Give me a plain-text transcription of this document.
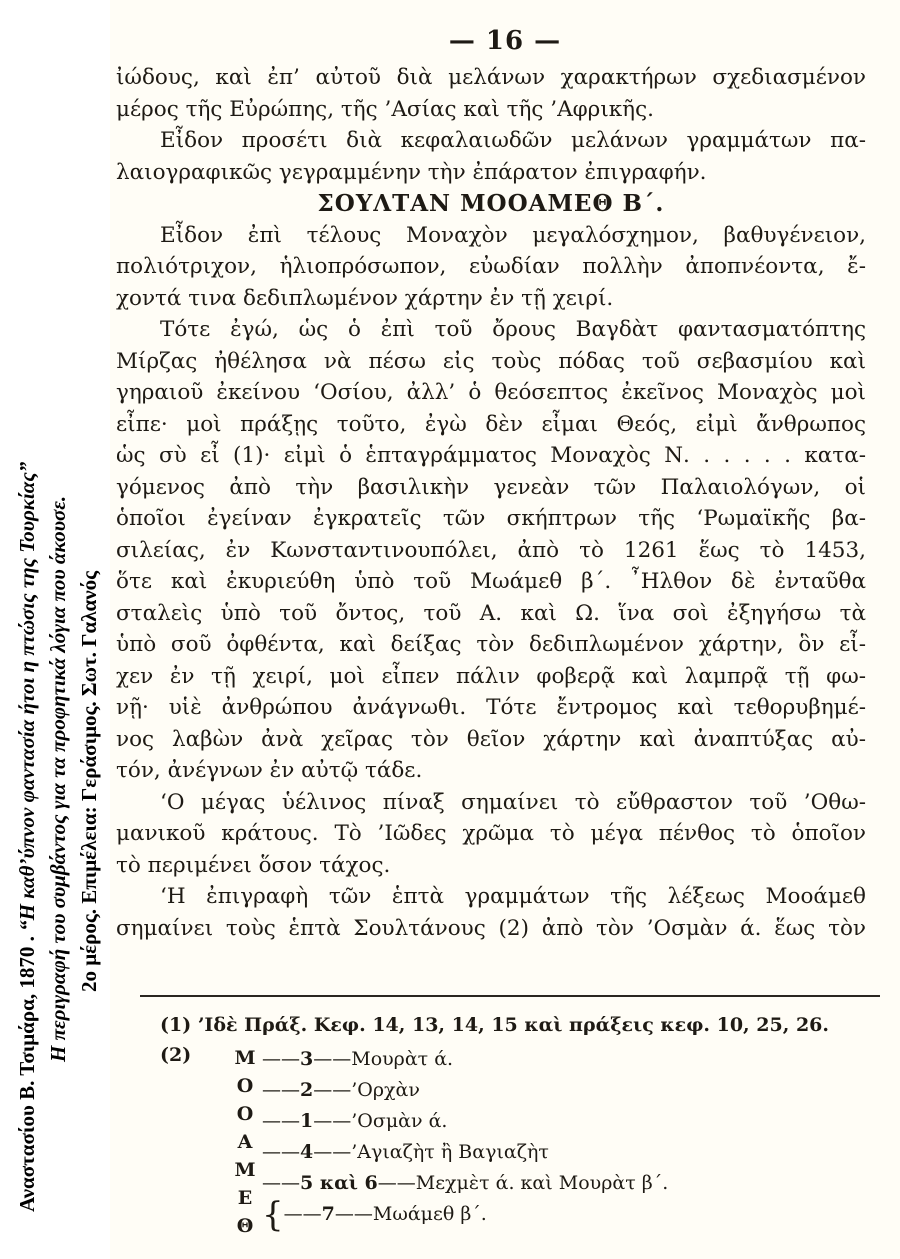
Αναστασίου Β. Τσιμάρα, 1870 . “Η καθ’ύπνον φαντασία ήτοι η πτώσις της Τουρκίας” Η περιγραφή του συμβάντος για τα προφητικά λόγια που άκουσε. 2ο μέρος. Επιμέλεια: Γεράσιμος. Σωτ. Γαλανός
— 16 —
ἰώδους, καὶ ἐπ’ αὐτοῦ διὰ μελάνων χαρακτήρων σχεδιασμένον
μέρος τῆς Εὐρώπης, τῆς ’Ασίας καὶ τῆς ’Αφρικῆς.
Εἶδον προσέτι διὰ κεφαλαιωδῶν μελάνων γραμμάτων πα-
λαιογραφικῶς γεγραμμένην τὴν ἐπάρατον ἐπιγραφήν.
ΣΟΥΛΤΑΝ ΜΟΟΑΜΕΘ Β΄.
Εἶδον ἐπὶ τέλους Μοναχὸν μεγαλόσχημον, βαθυγένειον,
πολιότριχον, ἡλιοπρόσωπον, εὐωδίαν πολλὴν ἀποπνέοντα, ἔ-
χοντά τινα δεδιπλωμένον χάρτην ἐν τῇ χειρί.
Τότε ἐγώ, ὡς ὁ ἐπὶ τοῦ ὄρους Βαγδὰτ φαντασματόπτης
Μίρζας ἠθέλησα νὰ πέσω εἰς τοὺς πόδας τοῦ σεβασμίου καὶ
γηραιοῦ ἐκείνου ‘Οσίου, ἀλλ’ ὁ θεόσεπτος ἐκεῖνος Μοναχὸς μοὶ
εἶπε· μοὶ πράξῃς τοῦτο, ἐγὼ δὲν εἶμαι Θεός, εἰμὶ ἄνθρωπος
ὡς σὺ εἶ (1)· εἰμὶ ὁ ἑπταγράμματος Μοναχὸς Ν. . . . . . κατα-
γόμενος ἀπὸ τὴν βασιλικὴν γενεὰν τῶν Παλαιολόγων, οἱ
ὁποῖοι ἐγείναν ἐγκρατεῖς τῶν σκήπτρων τῆς ‘Ρωμαϊκῆς βα-
σιλείας, ἐν Κωνσταντινουπόλει, ἀπὸ τὸ 1261 ἕως τὸ 1453,
ὅτε καὶ ἐκυριεύθη ὑπὸ τοῦ Μωάμεθ β΄. ῏Ηλθον δὲ ἐνταῦθα
σταλεὶς ὑπὸ τοῦ ὄντος, τοῦ Α. καὶ Ω. ἵνα σοὶ ἐξηγήσω τὰ
ὑπὸ σοῦ ὀφθέντα, καὶ δείξας τὸν δεδιπλωμένον χάρτην, ὃν εἶ-
χεν ἐν τῇ χειρί, μοὶ εἶπεν πάλιν φοβερᾷ καὶ λαμπρᾷ τῇ φω-
νῇ· υἱὲ ἀνθρώπου ἀνάγνωθι. Τότε ἔντρομος καὶ τεθορυβημέ-
νος λαβὼν ἀνὰ χεῖρας τὸν θεῖον χάρτην καὶ ἀναπτύξας αὐ-
τόν, ἀνέγνων ἐν αὐτῷ τάδε.
‘Ο μέγας ὑέλινος πίναξ σημαίνει τὸ εὔθραστον τοῦ ’Οθω-
μανικοῦ κράτους. Τὸ ’Ιῶδες χρῶμα τὸ μέγα πένθος τὸ ὁποῖον
τὸ περιμένει ὅσον τάχος.
‘Η ἐπιγραφὴ τῶν ἑπτὰ γραμμάτων τῆς λέξεως Μοοάμεθ
σημαίνει τοὺς ἑπτὰ Σουλτάνους (2) ἀπὸ τὸν ’Οσμὰν ά. ἕως τὸν
(1) ’Ιδὲ Πράξ. Κεφ. 14, 13, 14, 15 καὶ πράξεις κεφ. 10, 25, 26.
(2) Μ
Ο
Ο
Α
Μ
Ε
Θ
——3——Μουρὰτ ά.
——2——’Ορχὰν
——1——’Οσμὰν ά.
——4——’Αγιαζὴτ ἢ Βαγιαζὴτ
——5 καὶ 6——Μεχμὲτ ά. καὶ Μουρὰτ β΄.
{——7——Μωάμεθ β΄.
